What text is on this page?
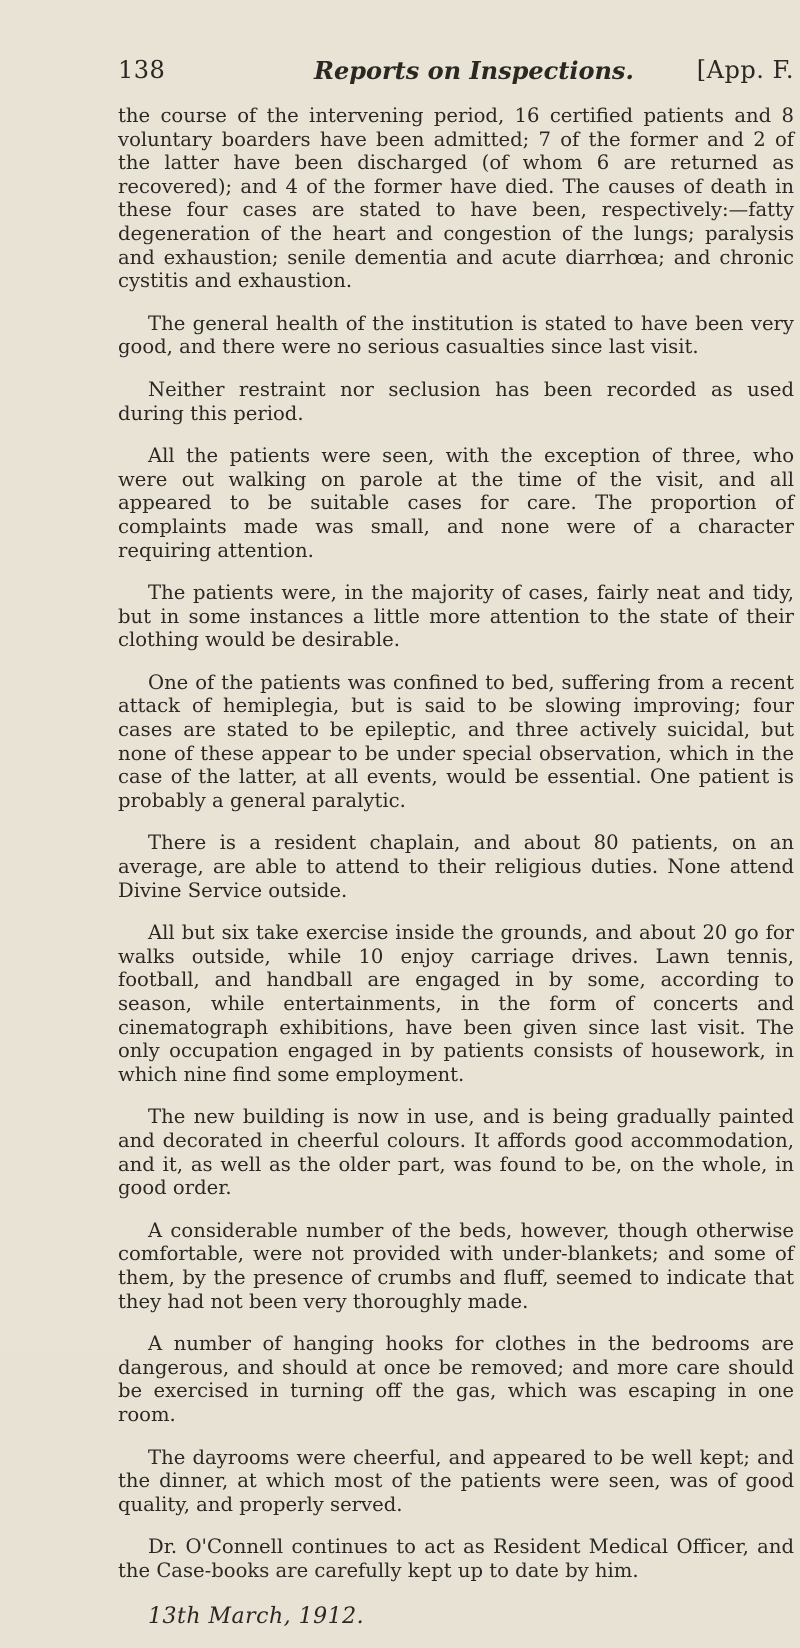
138	Reports on Inspections.	[App. F.

the course of the intervening period, 16 certified patients and 8 voluntary boarders have been admitted; 7 of the former and 2 of the latter have been discharged (of whom 6 are returned as recovered); and 4 of the former have died. The causes of death in these four cases are stated to have been, respectively:—fatty degeneration of the heart and congestion of the lungs; paralysis and exhaustion; senile dementia and acute diarrhœa; and chronic cystitis and exhaustion.

The general health of the institution is stated to have been very good, and there were no serious casualties since last visit.

Neither restraint nor seclusion has been recorded as used during this period.

All the patients were seen, with the exception of three, who were out walking on parole at the time of the visit, and all appeared to be suitable cases for care. The proportion of complaints made was small, and none were of a character requiring attention.

The patients were, in the majority of cases, fairly neat and tidy, but in some instances a little more attention to the state of their clothing would be desirable.

One of the patients was confined to bed, suffering from a recent attack of hemiplegia, but is said to be slowing improving; four cases are stated to be epileptic, and three actively suicidal, but none of these appear to be under special observation, which in the case of the latter, at all events, would be essential. One patient is probably a general paralytic.

There is a resident chaplain, and about 80 patients, on an average, are able to attend to their religious duties. None attend Divine Service outside.

All but six take exercise inside the grounds, and about 20 go for walks outside, while 10 enjoy carriage drives. Lawn tennis, football, and handball are engaged in by some, according to season, while entertainments, in the form of concerts and cinematograph exhibitions, have been given since last visit. The only occupation engaged in by patients consists of housework, in which nine find some employment.

The new building is now in use, and is being gradually painted and decorated in cheerful colours. It affords good accommodation, and it, as well as the older part, was found to be, on the whole, in good order.

A considerable number of the beds, however, though otherwise comfortable, were not provided with under-blankets; and some of them, by the presence of crumbs and fluff, seemed to indicate that they had not been very thoroughly made.

A number of hanging hooks for clothes in the bedrooms are dangerous, and should at once be removed; and more care should be exercised in turning off the gas, which was escaping in one room.

The dayrooms were cheerful, and appeared to be well kept; and the dinner, at which most of the patients were seen, was of good quality, and properly served.

Dr. O'Connell continues to act as Resident Medical Officer, and the Case-books are carefully kept up to date by him.

13th March, 1912.
